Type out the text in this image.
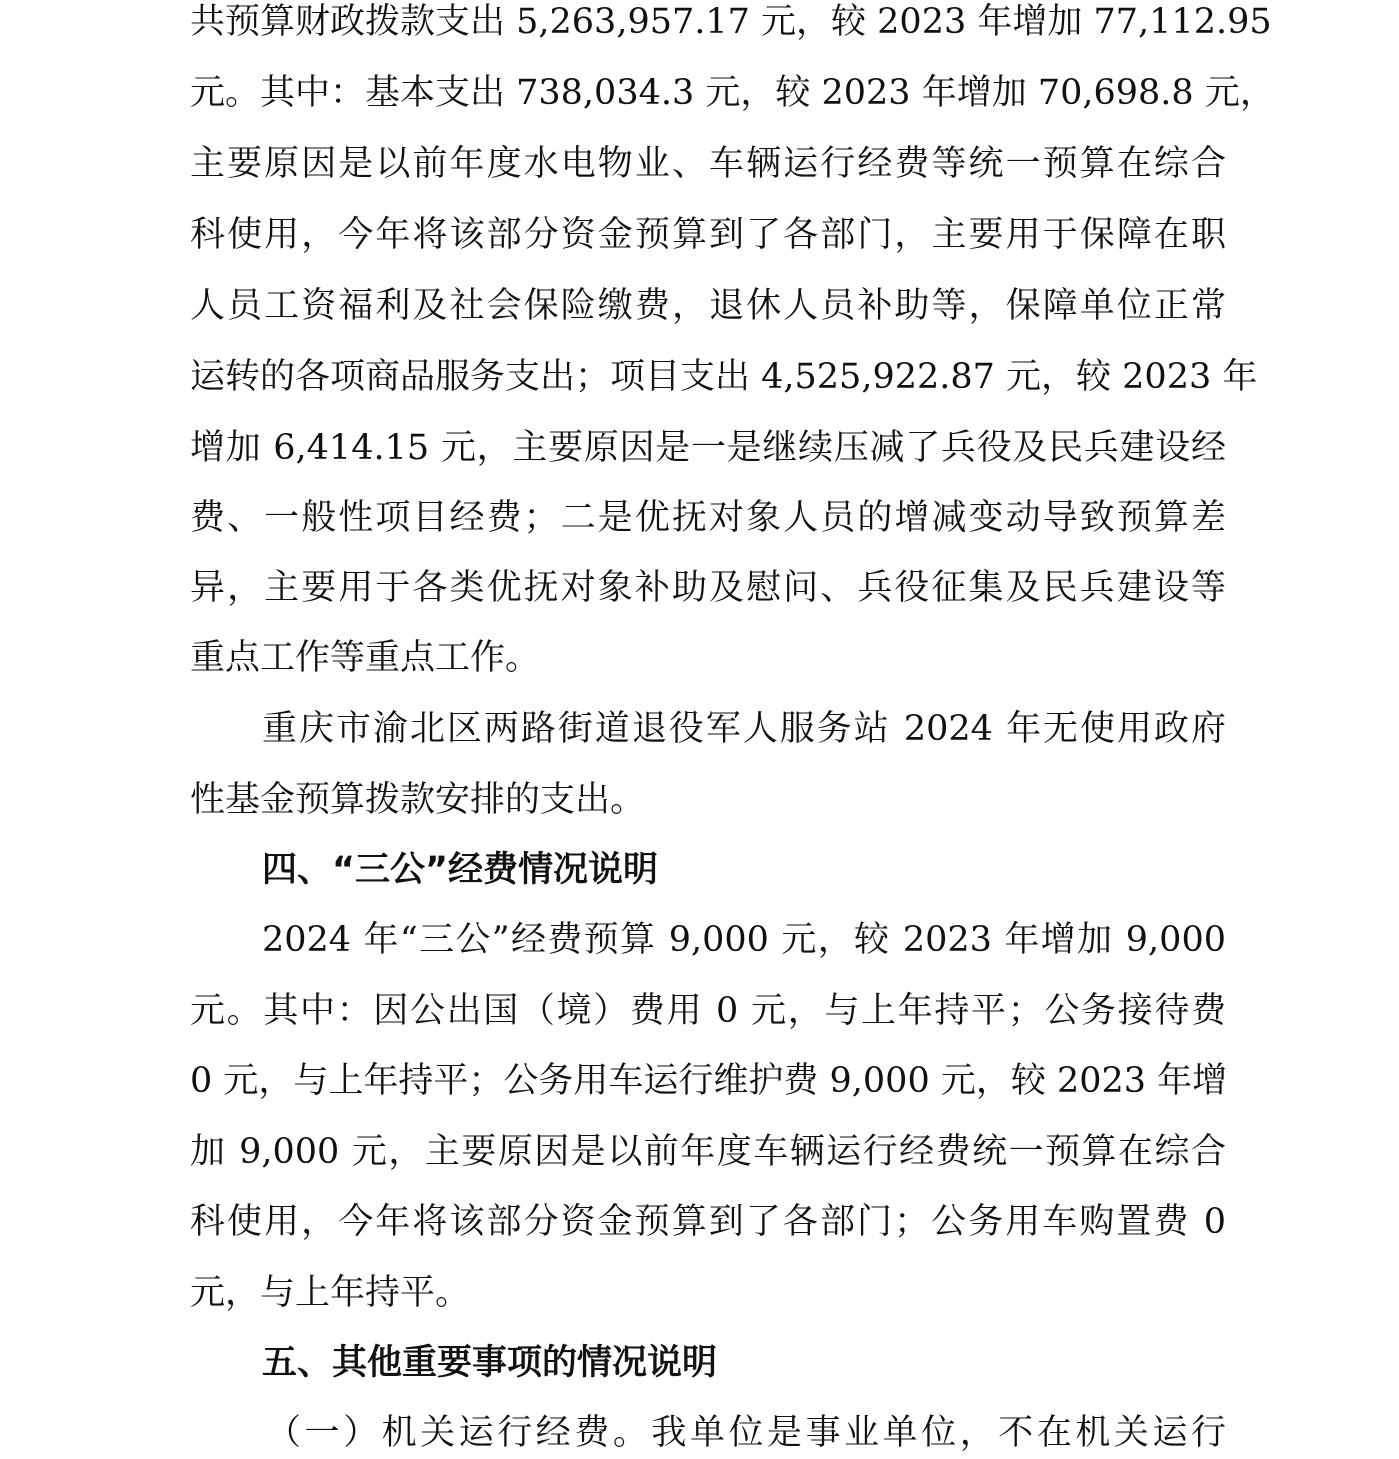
共预算财政拨款支出 5,263,957.17 元，较 2023 年增加 77,112.95
元。其中：基本支出 738,034.3 元，较 2023 年增加 70,698.8 元，
主要原因是以前年度水电物业、车辆运行经费等统一预算在综合
科使用，今年将该部分资金预算到了各部门，主要用于保障在职
人员工资福利及社会保险缴费，退休人员补助等，保障单位正常
运转的各项商品服务支出；项目支出 4,525,922.87 元，较 2023 年
增加 6,414.15 元，主要原因是一是继续压减了兵役及民兵建设经
费、一般性项目经费；二是优抚对象人员的增减变动导致预算差
异，主要用于各类优抚对象补助及慰问、兵役征集及民兵建设等
重点工作等重点工作。
重庆市渝北区两路街道退役军人服务站 2024 年无使用政府
性基金预算拨款安排的支出。
四、“三公”经费情况说明
2024 年“三公”经费预算 9,000 元，较 2023 年增加 9,000
元。其中：因公出国（境）费用 0 元，与上年持平；公务接待费
0 元，与上年持平；公务用车运行维护费 9,000 元，较 2023 年增
加 9,000 元，主要原因是以前年度车辆运行经费统一预算在综合
科使用，今年将该部分资金预算到了各部门；公务用车购置费 0
元，与上年持平。
五、其他重要事项的情况说明
（一）机关运行经费。我单位是事业单位，不在机关运行
